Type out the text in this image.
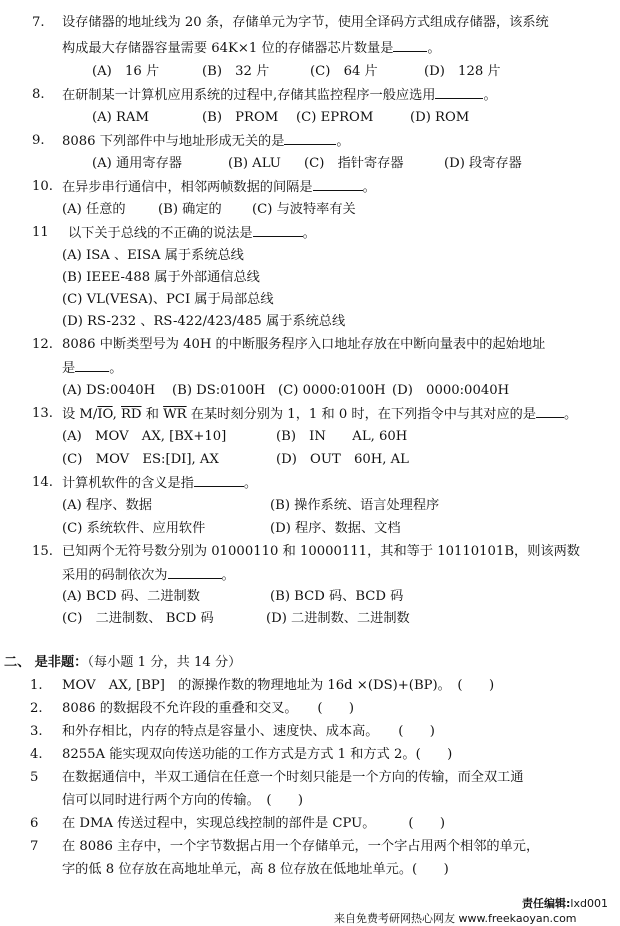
7. 设存储器的地址线为 20 条，存储单元为字节，使用全译码方式组成存储器，该系统
构成最大存储器容量需要 64K×1 位的存储器芯片数量是	。
(A)　16 片	(B)　32 片	(C)　64 片	(D)　128 片
8. 在研制某一计算机应用系统的过程中,存储其监控程序一般应选用	。
(A) RAM	(B)　PROM (C) EPROM	(D) ROM
9. 8086 下列部件中与地址形成无关的是	。
(A) 通用寄存器	(B) ALU (C)　指针寄存器	(D) 段寄存器
10. 在异步串行通信中，相邻两帧数据的间隔是	。
(A) 任意的 (B) 确定的 (C) 与波特率有关
11 以下关于总线的不正确的说法是	。
(A) ISA 、EISA 属于系统总线
(B) IEEE-488 属于外部通信总线
(C) VL(VESA)、PCI 属于局部总线
(D) RS-232 、RS-422/423/485 属于系统总线
12. 8086 中断类型号为 40H 的中断服务程序入口地址存放在中断向量表中的起始地址
是	。
(A) DS:0040H (B) DS:0100H (C) 0000:0100H (D)　0000:0040H
13. 设 $M/\overline{IO}$, $\overline{RD}$ 和 $\overline{WR}$ 在某时刻分别为 1，1 和 0 时，在下列指令中与其对应的是 。
(A)　MOV　AX, [BX+10]	(B)　IN　　AL, 60H
(C)　MOV　ES:[DI], AX	(D)　OUT　60H, AL
14. 计算机软件的含义是指	。
(A) 程序、数据	(B) 操作系统、语言处理程序
(C) 系统软件、应用软件	(D) 程序、数据、文档
15. 已知两个无符号数分别为 01000110 和 10000111，其和等于 10110101B，则该两数
采用的码制依次为	。
(A) BCD 码、二进制数	(B) BCD 码、BCD 码
(C)　二进制数、 BCD 码	(D) 二进制数、二进制数
二、 是非题：（每小题 1 分，共 14 分）
1. MOV　AX, [BP]　的源操作数的物理地址为 16d ×(DS)+(BP)。　(　　)
2. 8086 的数据段不允许段的重叠和交叉。　　(　　)
3. 和外存相比，内存的特点是容量小、速度快、成本高。　　(　　)
4. 8255A 能实现双向传送功能的工作方式是方式 1 和方式 2。(　　)
5 在数据通信中，半双工通信在任意一个时刻只能是一个方向的传输，而全双工通
信可以同时进行两个方向的传输。　(　　)
6 在 DMA 传送过程中，实现总线控制的部件是 CPU。　　　(　　)
7 在 8086 主存中，一个字节数据占用一个存储单元，一个字占用两个相邻的单元，
字的低 8 位存放在高地址单元，高 8 位存放在低地址单元。(　　)
责任编辑:lxd001
来自免费考研网热心网友 www.freekaoyan.com
